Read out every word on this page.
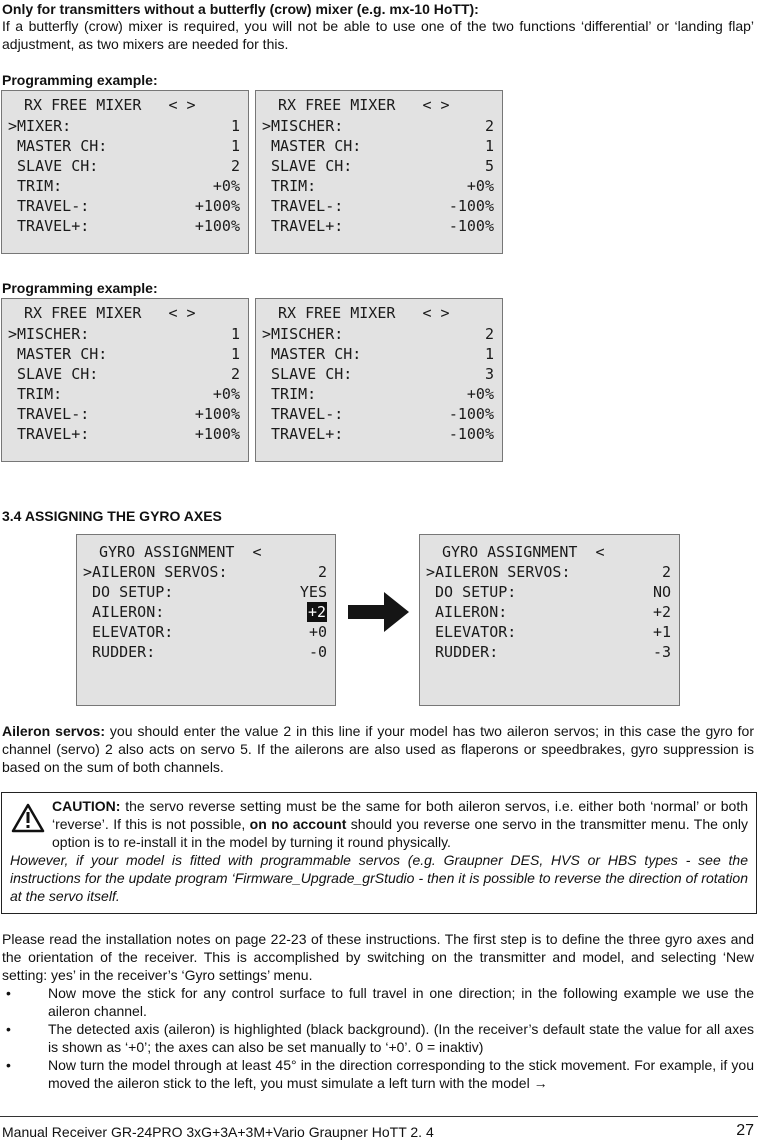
Only for transmitters without a butterfly (crow) mixer (e.g. mx-10 HoTT):
If a butterfly (crow) mixer is required, you will not be able to use one of the two functions ‘differential’ or ‘landing flap’ adjustment, as two mixers are needed for this.
Programming example:
RX FREE MIXER   < >
>MIXER:	1
MASTER CH:	1
SLAVE CH:	2
TRIM:	+0%
TRAVEL-:	+100%
TRAVEL+:	+100%
RX FREE MIXER   < >
>MISCHER:	2
MASTER CH:	1
SLAVE CH:	5
TRIM:	+0%
TRAVEL-:	-100%
TRAVEL+:	-100%
Programming example:
RX FREE MIXER   < >
>MISCHER:	1
MASTER CH:	1
SLAVE CH:	2
TRIM:	+0%
TRAVEL-:	+100%
TRAVEL+:	+100%
RX FREE MIXER   < >
>MISCHER:	2
MASTER CH:	1
SLAVE CH:	3
TRIM:	+0%
TRAVEL-:	-100%
TRAVEL+:	-100%
3.4 ASSIGNING THE GYRO AXES
GYRO ASSIGNMENT  <
>AILERON SERVOS:	2
DO SETUP:	YES
AILERON:	+2
ELEVATOR:	+0
RUDDER:	-0
GYRO ASSIGNMENT  <
>AILERON SERVOS:	2
DO SETUP:	NO
AILERON:	+2
ELEVATOR:	+1
RUDDER:	-3
Aileron servos: you should enter the value 2 in this line if your model has two aileron servos; in this case the gyro for channel (servo) 2 also acts on servo 5. If the ailerons are also used as flaperons or speedbrakes, gyro suppression is based on the sum of both channels.
CAUTION: the servo reverse setting must be the same for both aileron servos, i.e. either both ‘normal’ or both ‘reverse’. If this is not possible, on no account should you reverse one servo in the transmitter menu. The only option is to re-install it in the model by turning it round physically.
However, if your model is fitted with programmable servos (e.g. Graupner DES, HVS or HBS types - see the instructions for the update program ‘Firmware_Upgrade_grStudio - then it is possible to reverse the direction of rotation at the servo itself.
Please read the installation notes on page 22-23 of these instructions. The first step is to define the three gyro axes and the orientation of the receiver. This is accomplished by switching on the transmitter and model, and selecting ‘New setting: yes’ in the receiver’s ‘Gyro settings’ menu.
•	Now move the stick for any control surface to full travel in one direction; in the following example we use the aileron channel.
•	The detected axis (aileron) is highlighted (black background). (In the receiver’s default state the value for all axes is shown as ‘+0’; the axes can also be set manually to ‘+0’. 0 = inaktiv)
•	Now turn the model through at least 45° in the direction corresponding to the stick movement. For example, if you moved the aileron stick to the left, you must simulate a left turn with the model →
Manual Receiver GR-24PRO 3xG+3A+3M+Vario Graupner HoTT 2. 4	27
